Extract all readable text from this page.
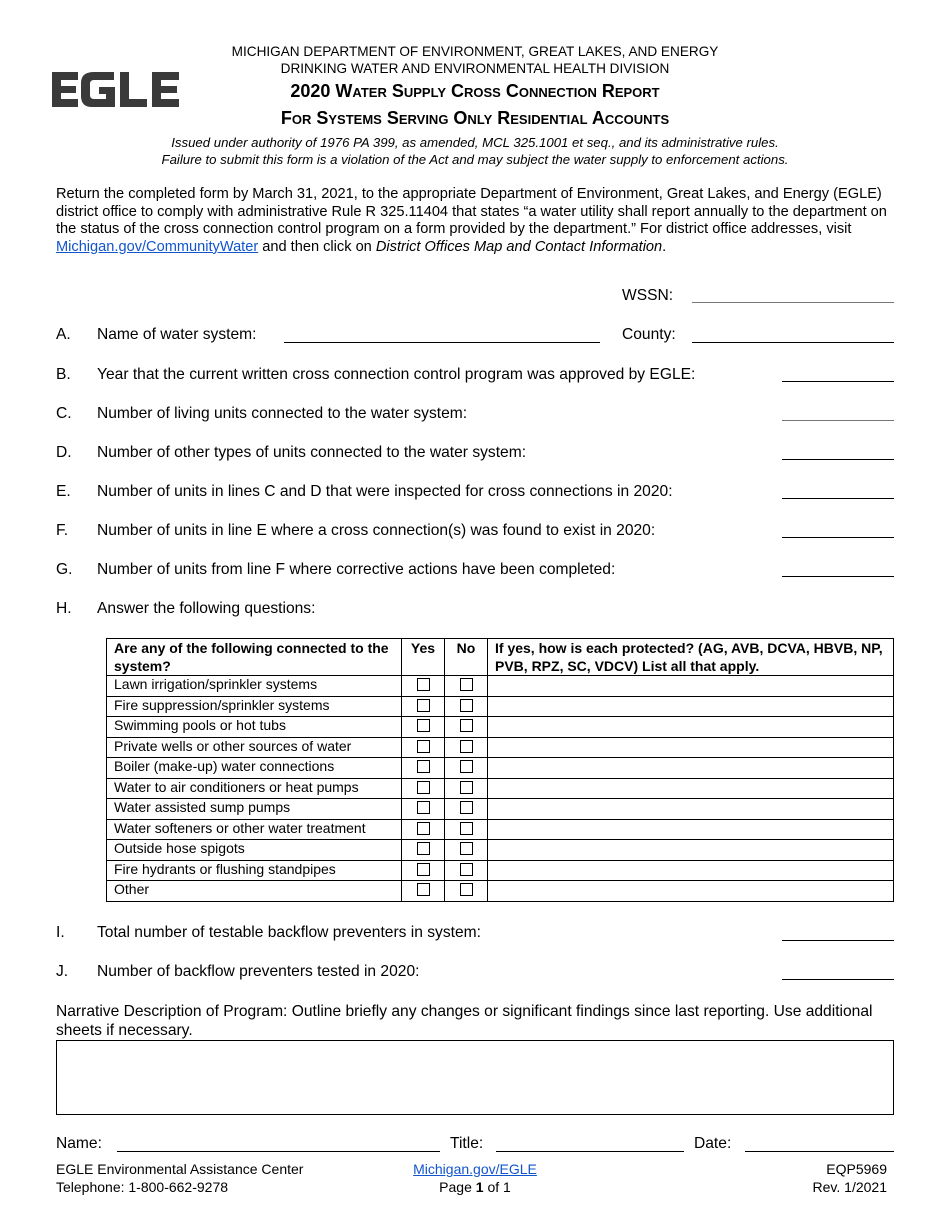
MICHIGAN DEPARTMENT OF ENVIRONMENT, GREAT LAKES, AND ENERGY
DRINKING WATER AND ENVIRONMENTAL HEALTH DIVISION
2020 Water Supply Cross Connection Report
For Systems Serving Only Residential Accounts
Issued under authority of 1976 PA 399, as amended, MCL 325.1001 et seq., and its administrative rules.
Failure to submit this form is a violation of the Act and may subject the water supply to enforcement actions.
Return the completed form by March 31, 2021, to the appropriate Department of Environment, Great Lakes, and Energy (EGLE) district office to comply with administrative Rule R 325.11404 that states “a water utility shall report annually to the department on the status of the cross connection control program on a form provided by the department.” For district office addresses, visit Michigan.gov/CommunityWater and then click on District Offices Map and Contact Information.
WSSN:
A. Name of water system:	County:
B. Year that the current written cross connection control program was approved by EGLE:
C. Number of living units connected to the water system:
D. Number of other types of units connected to the water system:
E. Number of units in lines C and D that were inspected for cross connections in 2020:
F. Number of units in line E where a cross connection(s) was found to exist in 2020:
G. Number of units from line F where corrective actions have been completed:
H. Answer the following questions:
Are any of the following connected to the system?	Yes	No	If yes, how is each protected? (AG, AVB, DCVA, HBVB, NP, PVB, RPZ, SC, VDCV) List all that apply.
Lawn irrigation/sprinkler systems			
Fire suppression/sprinkler systems			
Swimming pools or hot tubs			
Private wells or other sources of water			
Boiler (make-up) water connections			
Water to air conditioners or heat pumps			
Water assisted sump pumps			
Water softeners or other water treatment			
Outside hose spigots			
Fire hydrants or flushing standpipes			
Other			
I. Total number of testable backflow preventers in system:
J. Number of backflow preventers tested in 2020:
Narrative Description of Program: Outline briefly any changes or significant findings since last reporting. Use additional sheets if necessary.
Name:	Title:	Date:
EGLE Environmental Assistance Center
Telephone: 1-800-662-9278
Michigan.gov/EGLE
Page 1 of 1
EQP5969
Rev. 1/2021
